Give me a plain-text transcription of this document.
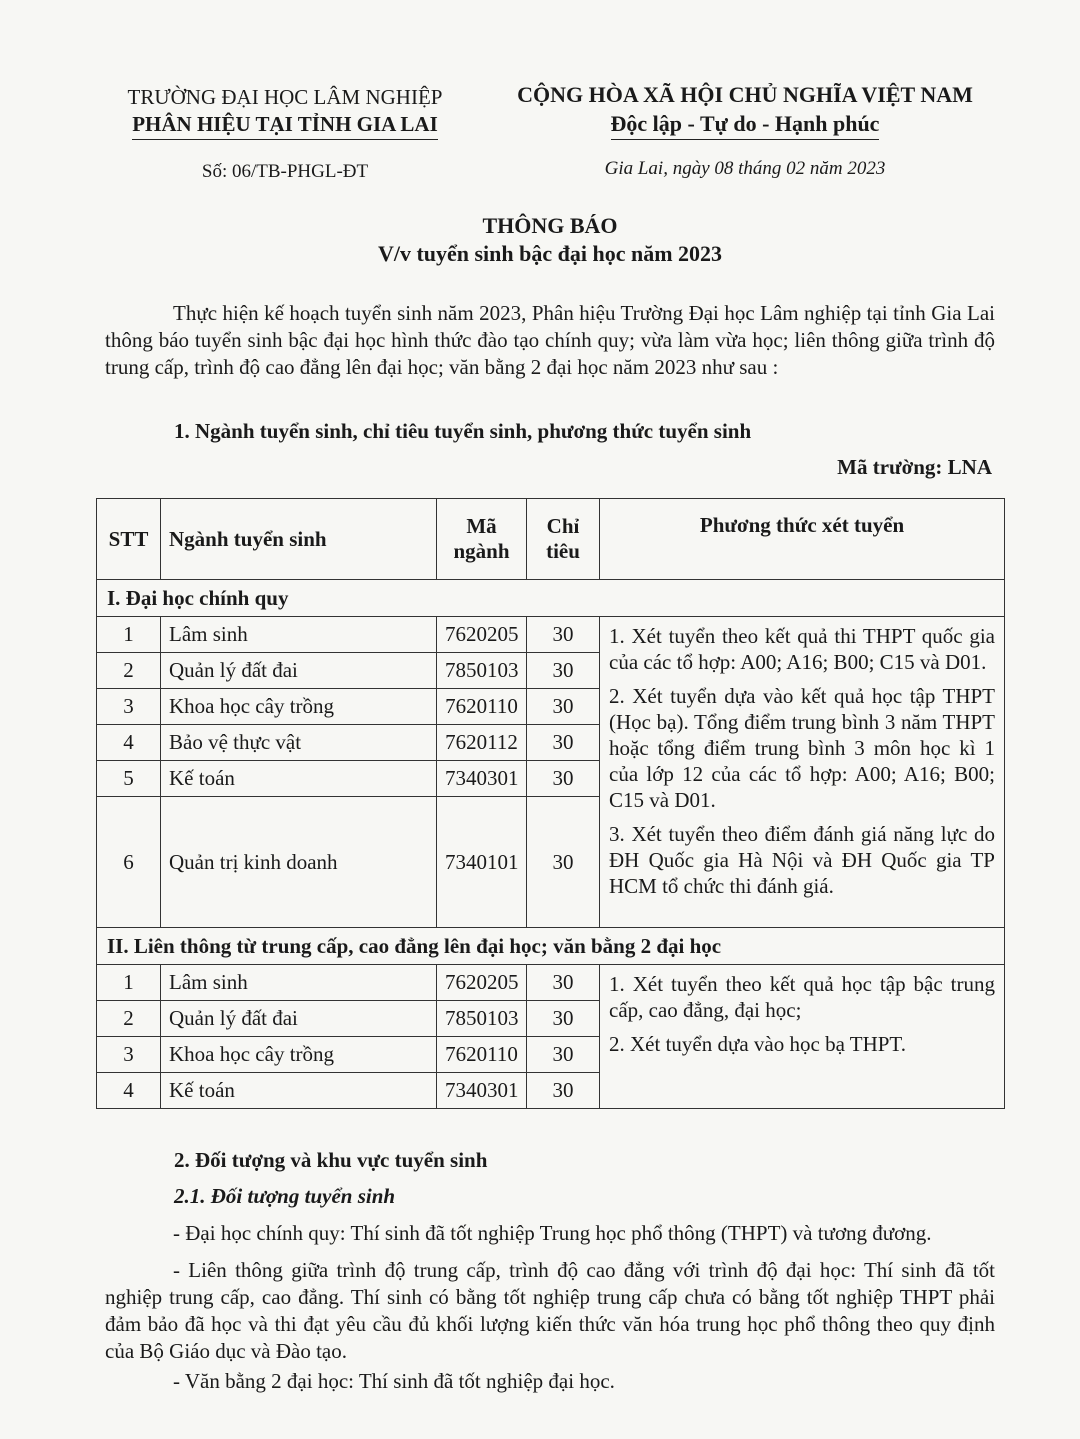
TRƯỜNG ĐẠI HỌC LÂM NGHIỆP
PHÂN HIỆU TẠI TỈNH GIA LAI
Số: 06/TB-PHGL-ĐT
CỘNG HÒA XÃ HỘI CHỦ NGHĨA VIỆT NAM
Độc lập - Tự do - Hạnh phúc
Gia Lai, ngày 08 tháng 02 năm 2023
THÔNG BÁO
V/v tuyển sinh bậc đại học năm 2023
Thực hiện kế hoạch tuyển sinh năm 2023, Phân hiệu Trường Đại học Lâm nghiệp tại tỉnh Gia Lai thông báo tuyển sinh bậc đại học hình thức đào tạo chính quy; vừa làm vừa học; liên thông giữa trình độ trung cấp, trình độ cao đẳng lên đại học; văn bằng 2 đại học năm 2023 như sau :
1. Ngành tuyển sinh, chỉ tiêu tuyển sinh, phương thức tuyển sinh
Mã trường: LNA
STT	Ngành tuyển sinh	Mã ngành	Chỉ tiêu	Phương thức xét tuyển
I. Đại học chính quy				
1	Lâm sinh	7620205	30	1. Xét tuyển theo kết quả thi THPT quốc gia của các tổ hợp: A00; A16; B00; C15 và D01.

2. Xét tuyển dựa vào kết quả học tập THPT (Học bạ). Tổng điểm trung bình 3 năm THPT hoặc tổng điểm trung bình 3 môn học kì 1 của lớp 12 của các tổ hợp: A00; A16; B00; C15 và D01.

3. Xét tuyển theo điểm đánh giá năng lực do ĐH Quốc gia Hà Nội và ĐH Quốc gia TP HCM tổ chức thi đánh giá.

2	Quản lý đất đai	7850103	30	
3	Khoa học cây trồng	7620110	30	
4	Bảo vệ thực vật	7620112	30	
5	Kế toán	7340301	30	
6	Quản trị kinh doanh	7340101	30	
II. Liên thông từ trung cấp, cao đẳng lên đại học; văn bằng 2 đại học				
1	Lâm sinh	7620205	30	1. Xét tuyển theo kết quả học tập bậc trung cấp, cao đẳng, đại học;

2. Xét tuyển dựa vào học bạ THPT.

2	Quản lý đất đai	7850103	30	
3	Khoa học cây trồng	7620110	30	
4	Kế toán	7340301	30	
2. Đối tượng và khu vực tuyển sinh
2.1. Đối tượng tuyển sinh
- Đại học chính quy: Thí sinh đã tốt nghiệp Trung học phổ thông (THPT) và tương đương.
- Liên thông giữa trình độ trung cấp, trình độ cao đẳng với trình độ đại học: Thí sinh đã tốt nghiệp trung cấp, cao đẳng. Thí sinh có bằng tốt nghiệp trung cấp chưa có bằng tốt nghiệp THPT phải đảm bảo đã học và thi đạt yêu cầu đủ khối lượng kiến thức văn hóa trung học phổ thông theo quy định của Bộ Giáo dục và Đào tạo.
- Văn bằng 2 đại học: Thí sinh đã tốt nghiệp đại học.
